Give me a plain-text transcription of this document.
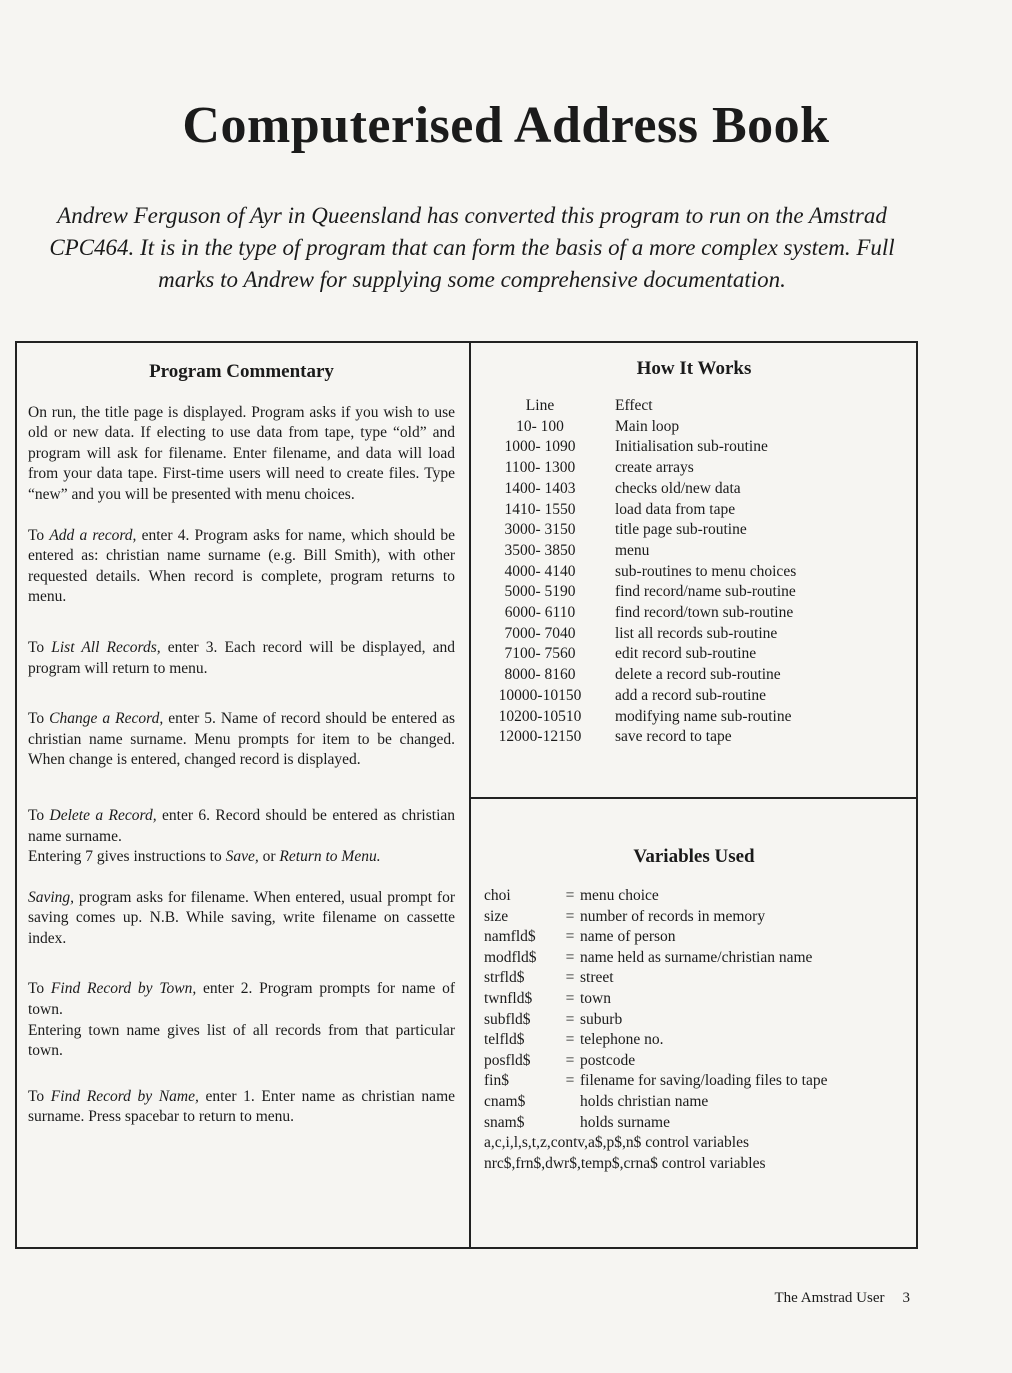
Computerised Address Book

Andrew Ferguson of Ayr in Queensland has converted this program to run on the Amstrad CPC464. It is in the type of program that can form the basis of a more complex system. Full marks to Andrew for supplying some comprehensive documentation.

Program Commentary

On run, the title page is displayed. Program asks if you wish to use old or new data. If electing to use data from tape, type “old” and program will ask for filename. Enter filename, and data will load from your data tape. First-time users will need to create files. Type “new” and you will be presented with menu choices.

To Add a record, enter 4. Program asks for name, which should be entered as: christian name surname (e.g. Bill Smith), with other requested details. When record is complete, program returns to menu.

To List All Records, enter 3. Each record will be displayed, and program will return to menu.

To Change a Record, enter 5. Name of record should be entered as christian name surname. Menu prompts for item to be changed. When change is entered, changed record is displayed.

To Delete a Record, enter 6. Record should be entered as christian name surname.

Entering 7 gives instructions to Save, or Return to Menu.

Saving, program asks for filename. When entered, usual prompt for saving comes up. N.B. While saving, write filename on cassette index.

To Find Record by Town, enter 2. Program prompts for name of town.

Entering town name gives list of all records from that particular town.

To Find Record by Name, enter 1. Enter name as christian name surname. Press spacebar to return to menu.

How It Works
Line	Effect
10- 100	Main loop
1000- 1090	Initialisation sub-routine
1100- 1300	create arrays
1400- 1403	checks old/new data
1410- 1550	load data from tape
3000- 3150	title page sub-routine
3500- 3850	menu
4000- 4140	sub-routines to menu choices
5000- 5190	find record/name sub-routine
6000- 6110	find record/town sub-routine
7000- 7040	list all records sub-routine
7100- 7560	edit record sub-routine
8000- 8160	delete a record sub-routine
10000-10150	add a record sub-routine
10200-10510	modifying name sub-routine
12000-12150	save record to tape
Variables Used
choi	=	menu choice
size	=	number of records in memory
namfld$	=	name of person
modfld$	=	name held as surname/christian name
strfld$	=	street
twnfld$	=	town
subfld$	=	suburb
telfld$	=	telephone no.
posfld$	=	postcode
fin$	=	filename for saving/loading files to tape
cnam$		holds christian name
snam$		holds surname
a,c,i,l,s,t,z,contv,a$,p$,n$ control variables
nrc$,frn$,dwr$,temp$,crna$ control variables
The Amstrad User 3
